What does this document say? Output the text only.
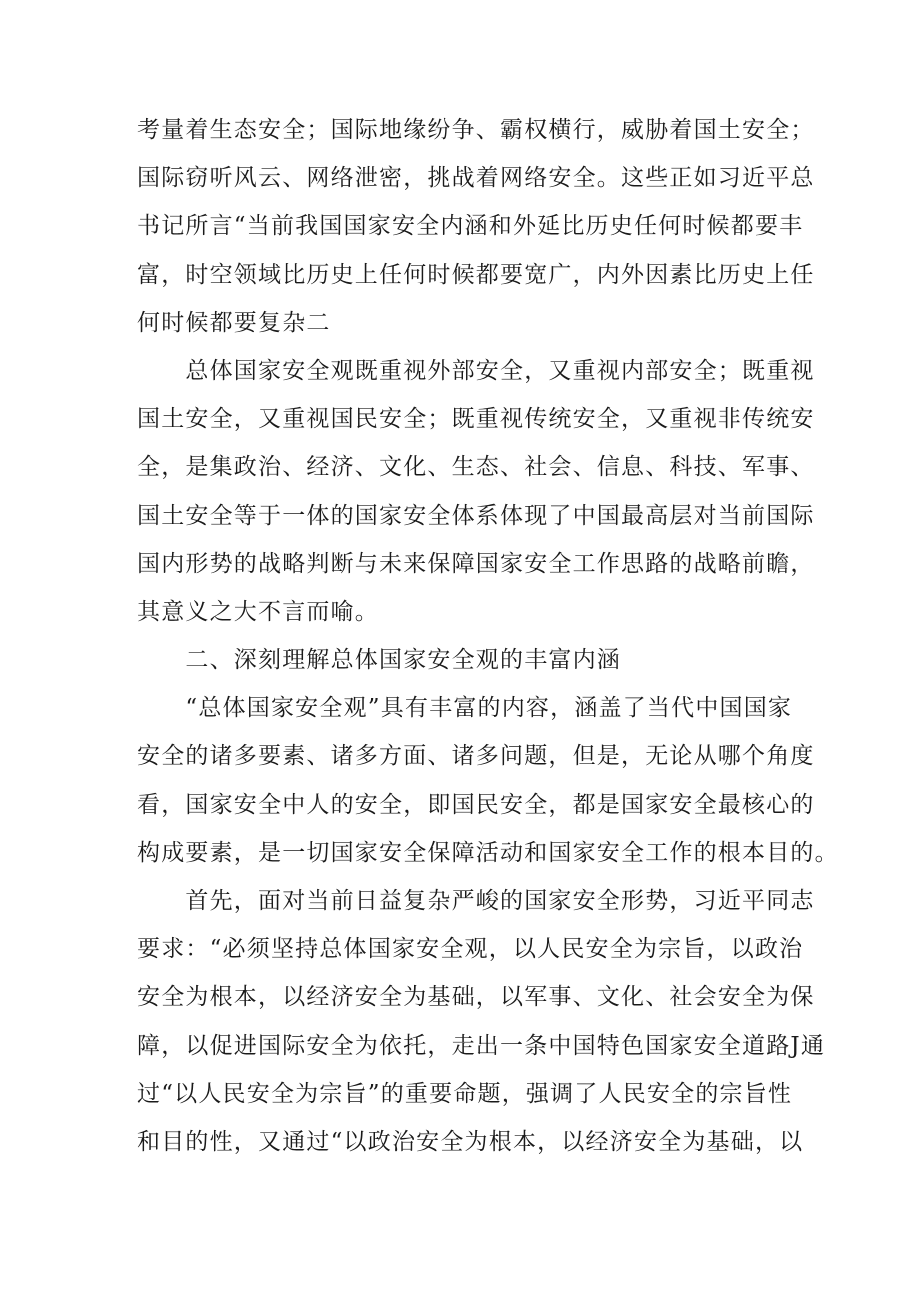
考量着生态安全；国际地缘纷争、霸权横行，威胁着国土安全；
国际窃听风云、网络泄密，挑战着网络安全。这些正如习近平总
书记所言“当前我国国家安全内涵和外延比历史任何时候都要丰
富，时空领域比历史上任何时候都要宽广，内外因素比历史上任
何时候都要复杂二
　　总体国家安全观既重视外部安全，又重视内部安全；既重视
国土安全，又重视国民安全；既重视传统安全，又重视非传统安
全，是集政治、经济、文化、生态、社会、信息、科技、军事、
国土安全等于一体的国家安全体系体现了中国最高层对当前国际
国内形势的战略判断与未来保障国家安全工作思路的战略前瞻，
其意义之大不言而喻。
　　二、深刻理解总体国家安全观的丰富内涵
　　“总体国家安全观”具有丰富的内容，涵盖了当代中国国家
安全的诸多要素、诸多方面、诸多问题，但是，无论从哪个角度
看，国家安全中人的安全，即国民安全，都是国家安全最核心的
构成要素，是一切国家安全保障活动和国家安全工作的根本目的。
　　首先，面对当前日益复杂严峻的国家安全形势，习近平同志
要求：“必须坚持总体国家安全观，以人民安全为宗旨，以政治
安全为根本，以经济安全为基础，以军事、文化、社会安全为保
障，以促进国际安全为依托，走出一条中国特色国家安全道路J通
过“以人民安全为宗旨”的重要命题，强调了人民安全的宗旨性
和目的性，又通过“以政治安全为根本，以经济安全为基础，以
